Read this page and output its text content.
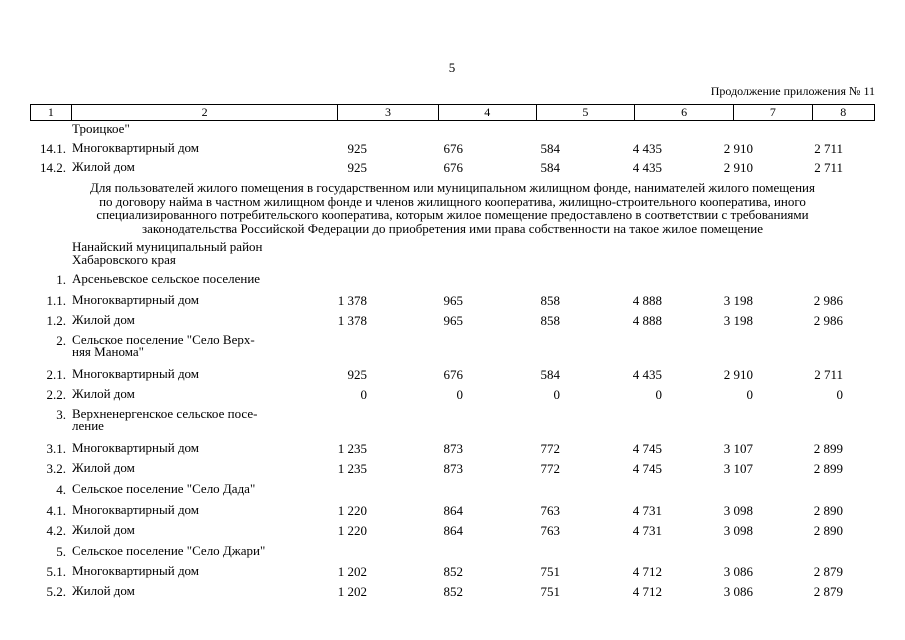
5
Продолжение приложения № 11
1	2	3	4	5	6	7	8
Троицкое"
14.1. Многоквартирный дом	925	676	584	4 435	2 910	2 711
14.2. Жилой дом	925	676	584	4 435	2 910	2 711
Для пользователей жилого помещения в государственном или муниципальном жилищном фонде, нанимателей жилого помещения
по договору найма в частном жилищном фонде и членов жилищного кооператива, жилищно-строительного кооператива, иного
специализированного потребительского кооператива, которым жилое помещение предоставлено в соответствии с требованиями
законодательства Российской Федерации до приобретения ими права собственности на такое жилое помещение
Нанайский муниципальный район
Хабаровского края
1. Арсеньевское сельское поселение
1.1. Многоквартирный дом	1 378	965	858	4 888	3 198	2 986
1.2. Жилой дом	1 378	965	858	4 888	3 198	2 986
2. Сельское поселение "Село Верх-
няя Манома"
2.1. Многоквартирный дом	925	676	584	4 435	2 910	2 711
2.2. Жилой дом	0	0	0	0	0	0
3. Верхненергенское сельское посе-
ление
3.1. Многоквартирный дом	1 235	873	772	4 745	3 107	2 899
3.2. Жилой дом	1 235	873	772	4 745	3 107	2 899
4. Сельское поселение "Село Дада"
4.1. Многоквартирный дом	1 220	864	763	4 731	3 098	2 890
4.2. Жилой дом	1 220	864	763	4 731	3 098	2 890
5. Сельское поселение "Село Джари"
5.1. Многоквартирный дом	1 202	852	751	4 712	3 086	2 879
5.2. Жилой дом	1 202	852	751	4 712	3 086	2 879
